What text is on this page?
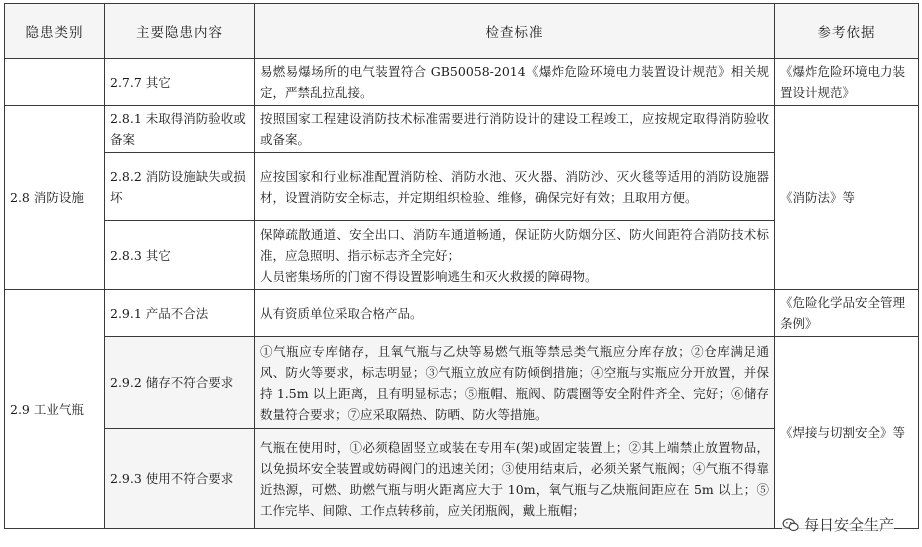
隐患类别	主要隐患内容	检查标准	参考依据
	2.7.7 其它	易燃易爆场所的电气装置符合 GB50058-2014《爆炸危险环境电力装置设计规范》相关规定，严禁乱拉乱接。	《爆炸危险环境电力装置设计规范》
2.8 消防设施	2.8.1 未取得消防验收或备案	按照国家工程建设消防技术标准需要进行消防设计的建设工程竣工，应按规定取得消防验收或备案。	《消防法》等
	2.8.2 消防设施缺失或损坏	应按国家和行业标准配置消防栓、消防水池、灭火器、消防沙、灭火毯等适用的消防设施器材，设置消防安全标志，并定期组织检验、维修，确保完好有效；且取用方便。	
	2.8.3 其它	保障疏散通道、安全出口、消防车通道畅通，保证防火防烟分区、防火间距符合消防技术标准，应急照明、指示标志齐全完好；
人员密集场所的门窗不得设置影响逃生和灭火救援的障碍物。	

2.9 工业气瓶	2.9.1 产品不合法	从有资质单位采取合格产品。	《危险化学品安全管理条例》
	2.9.2 储存不符合要求	①气瓶应专库储存，且氧气瓶与乙炔等易燃气瓶等禁忌类气瓶应分库存放；②仓库满足通风、防火等要求，标志明显；③气瓶立放应有防倾倒措施；④空瓶与实瓶应分开放置，并保持 1.5m 以上距离，且有明显标志；⑤瓶帽、瓶阀、防震圈等安全附件齐全、完好；⑥储存数量符合要求；⑦应采取隔热、防晒、防火等措施。	《焊接与切割安全》等
	2.9.3 使用不符合要求	气瓶在使用时，①必须稳固竖立或装在专用车(架)或固定装置上；②其上端禁止放置物品，以免损坏安全装置或妨碍阀门的迅速关闭；③使用结束后，必须关紧气瓶阀；④气瓶不得靠近热源，可燃、助燃气瓶与明火距离应大于 10m，氧气瓶与乙炔瓶间距应在 5m 以上；⑤工作完毕、间隙、工作点转移前，应关闭瓶阀，戴上瓶帽；	
每日安全生产
